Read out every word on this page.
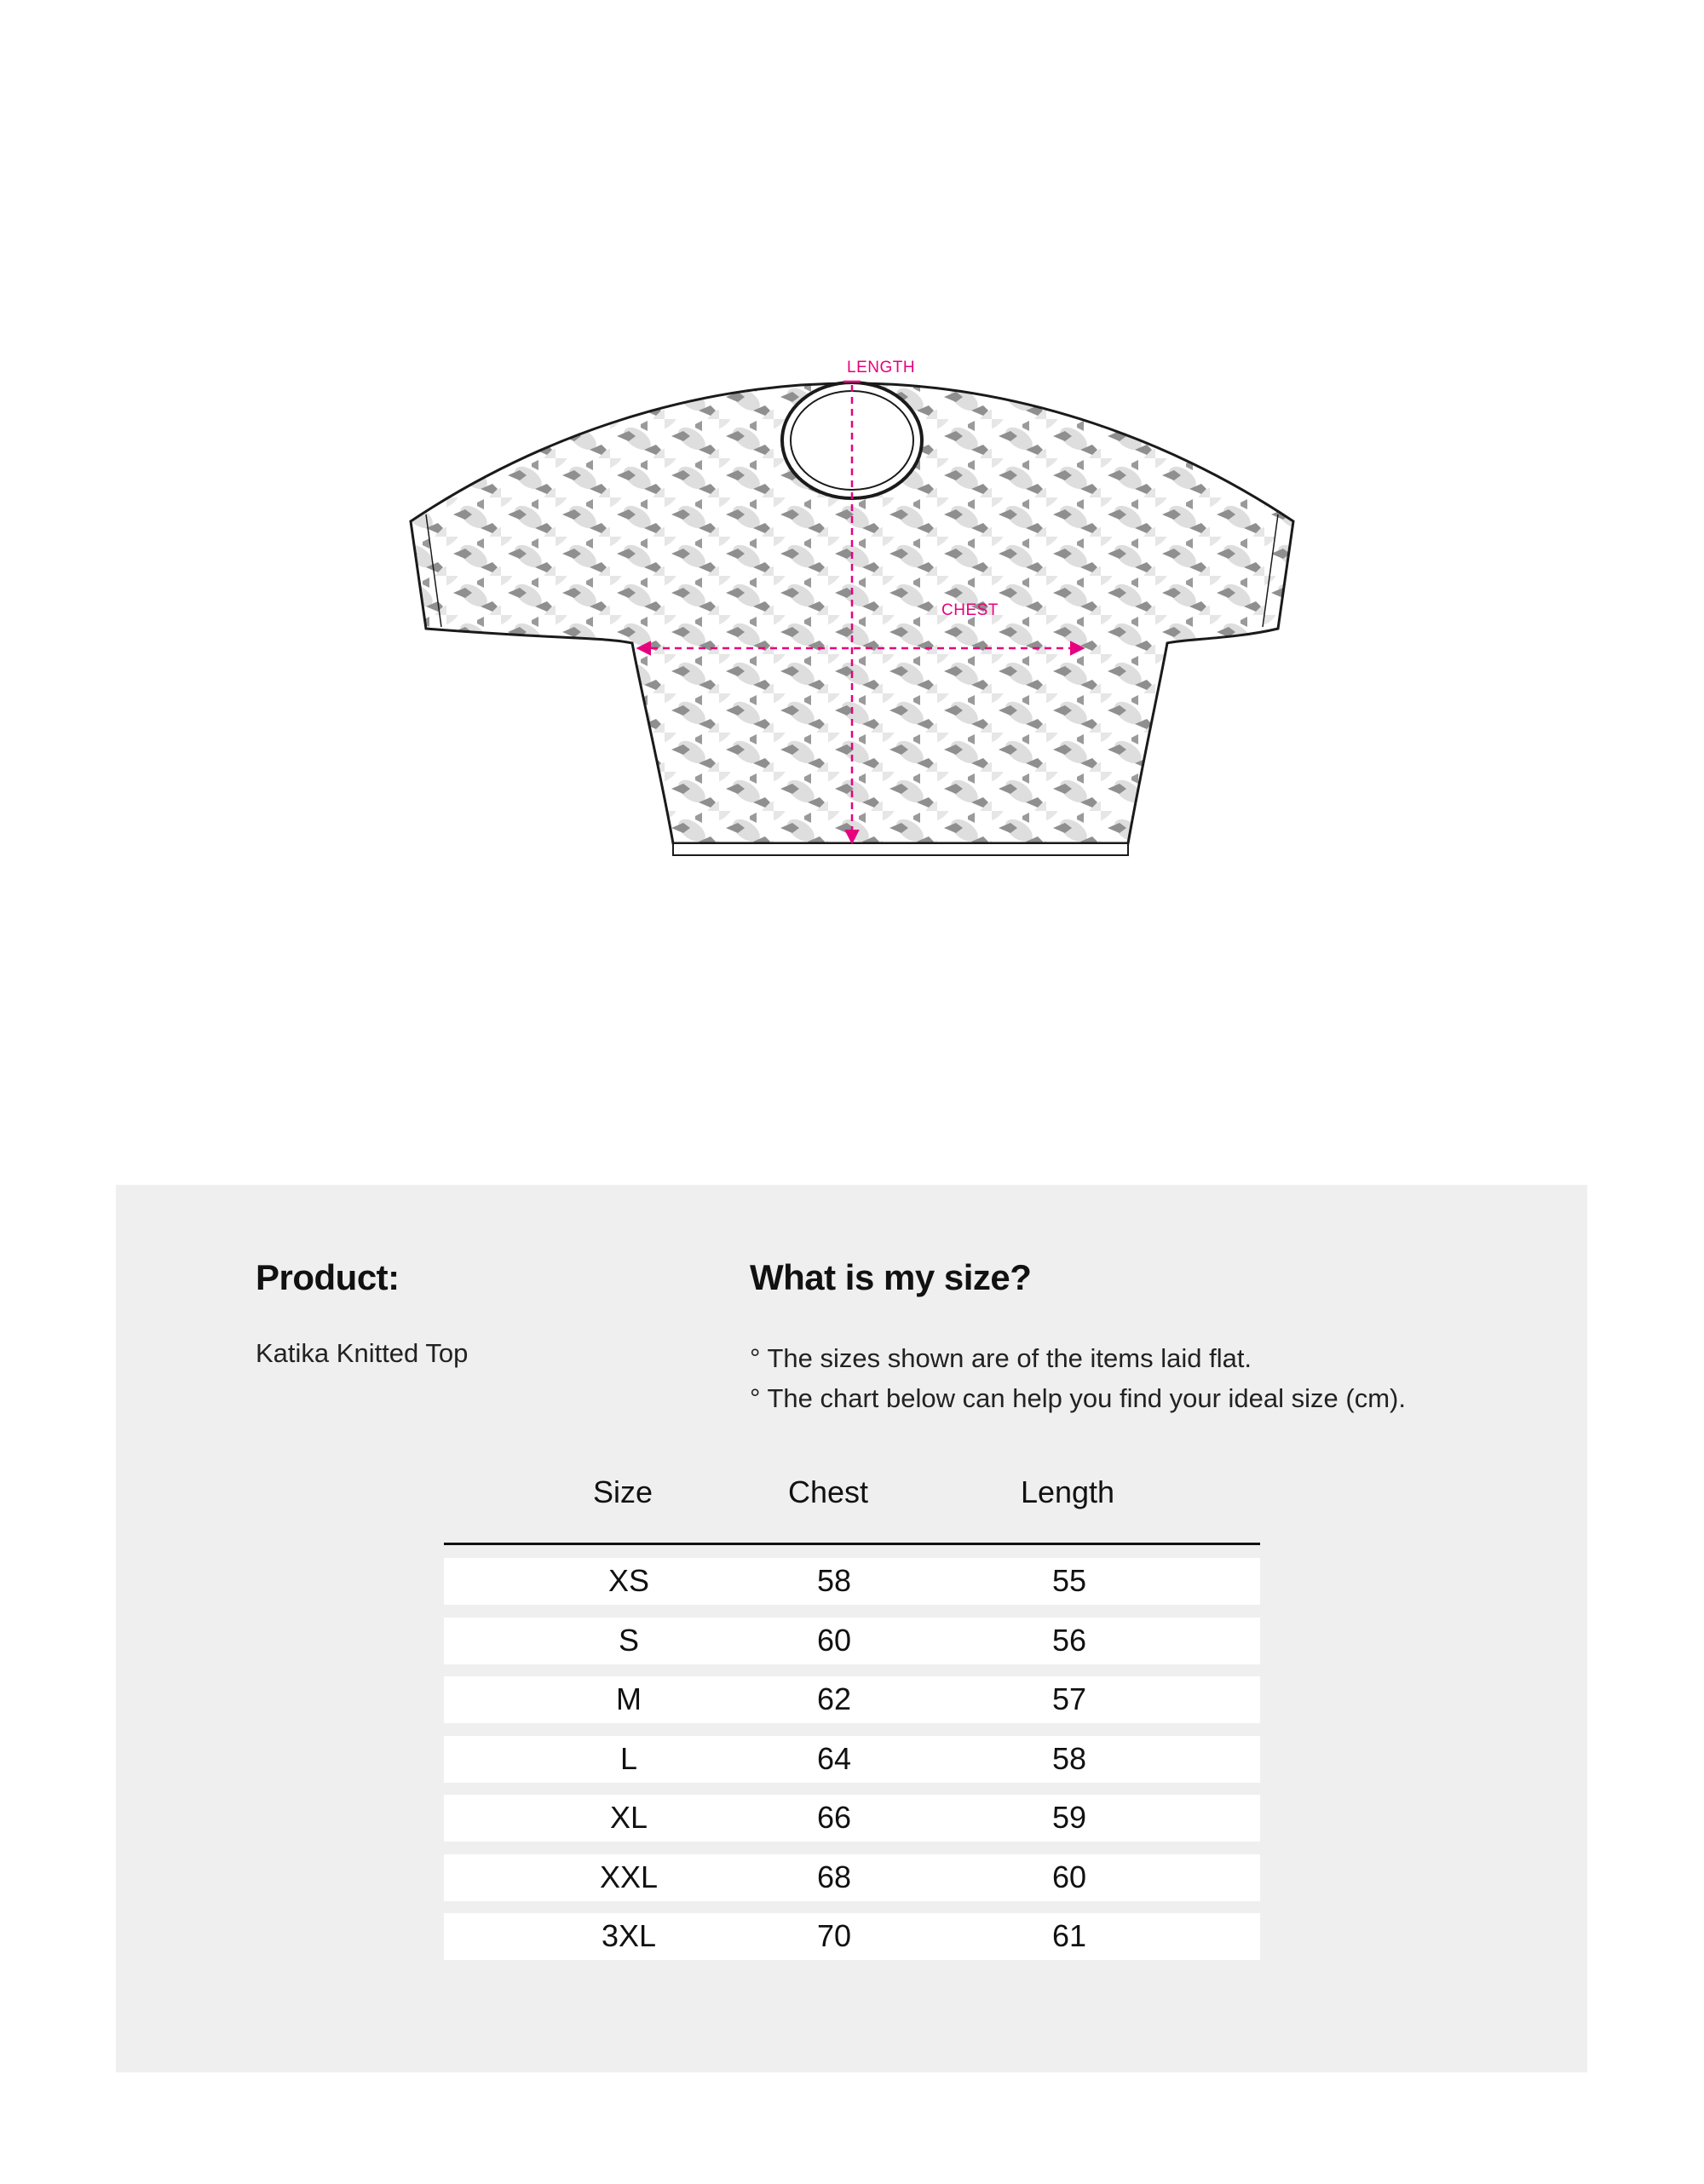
LENGTH
CHEST
Product:
Katika Knitted Top
What is my size?
° The sizes shown are of the items laid flat.
° The chart below can help you find your ideal size (cm).
Size	Chest	Length
XS	58	55
S	60	56
M	62	57
L	64	58
XL	66	59
XXL	68	60
3XL	70	61
